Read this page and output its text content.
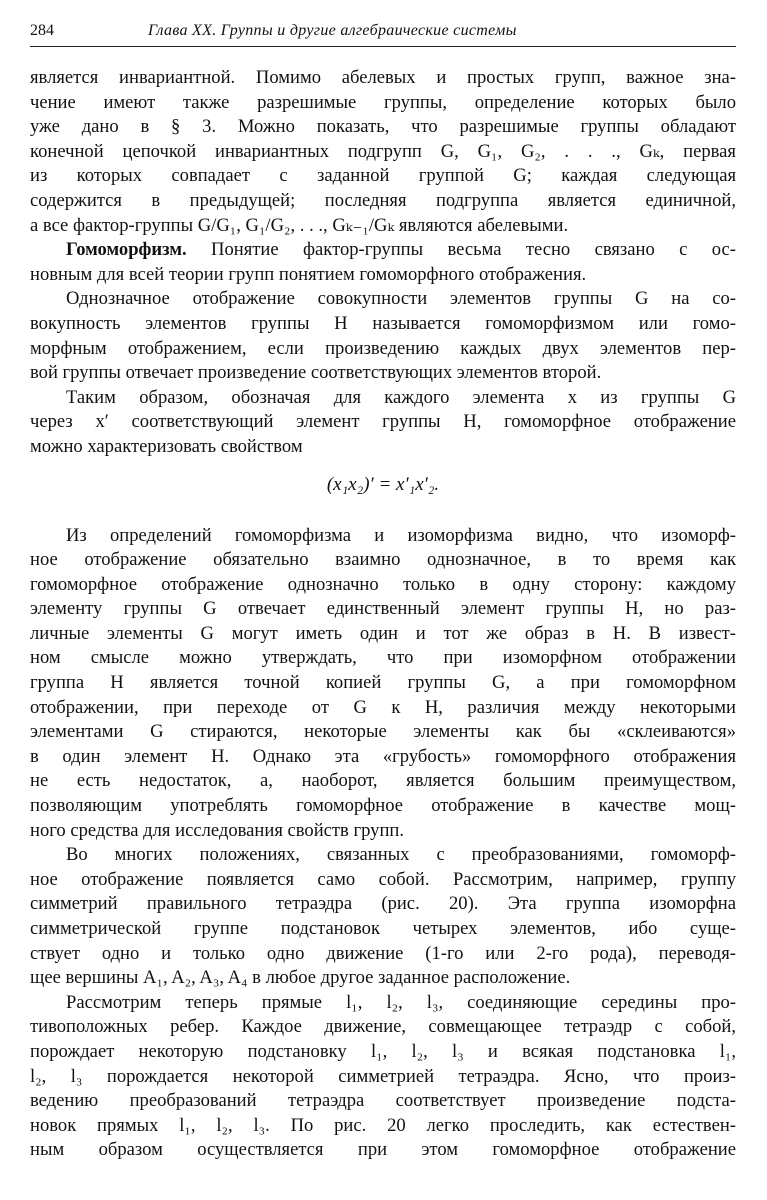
284	Глава XX. Группы и другие алгебраические системы

является инвариантной. Помимо абелевых и простых групп, важное зна-

чение имеют также разрешимые группы, определение которых было

уже дано в § 3. Можно показать, что разрешимые группы обладают

конечной цепочкой инвариантных подгрупп G, G₁, G₂, . . ., Gₖ, первая

из которых совпадает с заданной группой G; каждая следующая

содержится в предыдущей; последняя подгруппа является единичной,

а все фактор-группы G/G₁, G₁/G₂, . . ., Gₖ₋₁/Gₖ являются абелевыми.

Гомоморфизм. Понятие фактор-группы весьма тесно связано с ос-

новным для всей теории групп понятием гомоморфного отображения.

Однозначное отображение совокупности элементов группы G на со-

вокупность элементов группы H называется гомоморфизмом или гомо-

морфным отображением, если произведению каждых двух элементов пер-

вой группы отвечает произведение соответствующих элементов второй.

Таким образом, обозначая для каждого элемента x из группы G

через x′ соответствующий элемент группы H, гомоморфное отображение

можно характеризовать свойством

(x₁x₂)′ = x′₁x′₂.

Из определений гомоморфизма и изоморфизма видно, что изоморф-

ное отображение обязательно взаимно однозначное, в то время как

гомоморфное отображение однозначно только в одну сторону: каждому

элементу группы G отвечает единственный элемент группы H, но раз-

личные элементы G могут иметь один и тот же образ в H. В извест-

ном смысле можно утверждать, что при изоморфном отображении

группа H является точной копией группы G, а при гомоморфном

отображении, при переходе от G к H, различия между некоторыми

элементами G стираются, некоторые элементы как бы «склеиваются»

в один элемент H. Однако эта «грубость» гомоморфного отображения

не есть недостаток, а, наоборот, является большим преимуществом,

позволяющим употреблять гомоморфное отображение в качестве мощ-

ного средства для исследования свойств групп.

Во многих положениях, связанных с преобразованиями, гомоморф-

ное отображение появляется само собой. Рассмотрим, например, группу

симметрий правильного тетраэдра (рис. 20). Эта группа изоморфна

симметрической группе подстановок четырех элементов, ибо суще-

ствует одно и только одно движение (1-го или 2-го рода), переводя-

щее вершины A₁, A₂, A₃, A₄ в любое другое заданное расположение.

Рассмотрим теперь прямые l₁, l₂, l₃, соединяющие середины про-

тивоположных ребер. Каждое движение, совмещающее тетраэдр с собой,

порождает некоторую подстановку l₁, l₂, l₃ и всякая подстановка l₁,

l₂, l₃ порождается некоторой симметрией тетраэдра. Ясно, что произ-

ведению преобразований тетраэдра соответствует произведение подста-

новок прямых l₁, l₂, l₃. По рис. 20 легко проследить, как естествен-

ным образом осуществляется при этом гомоморфное отображение
